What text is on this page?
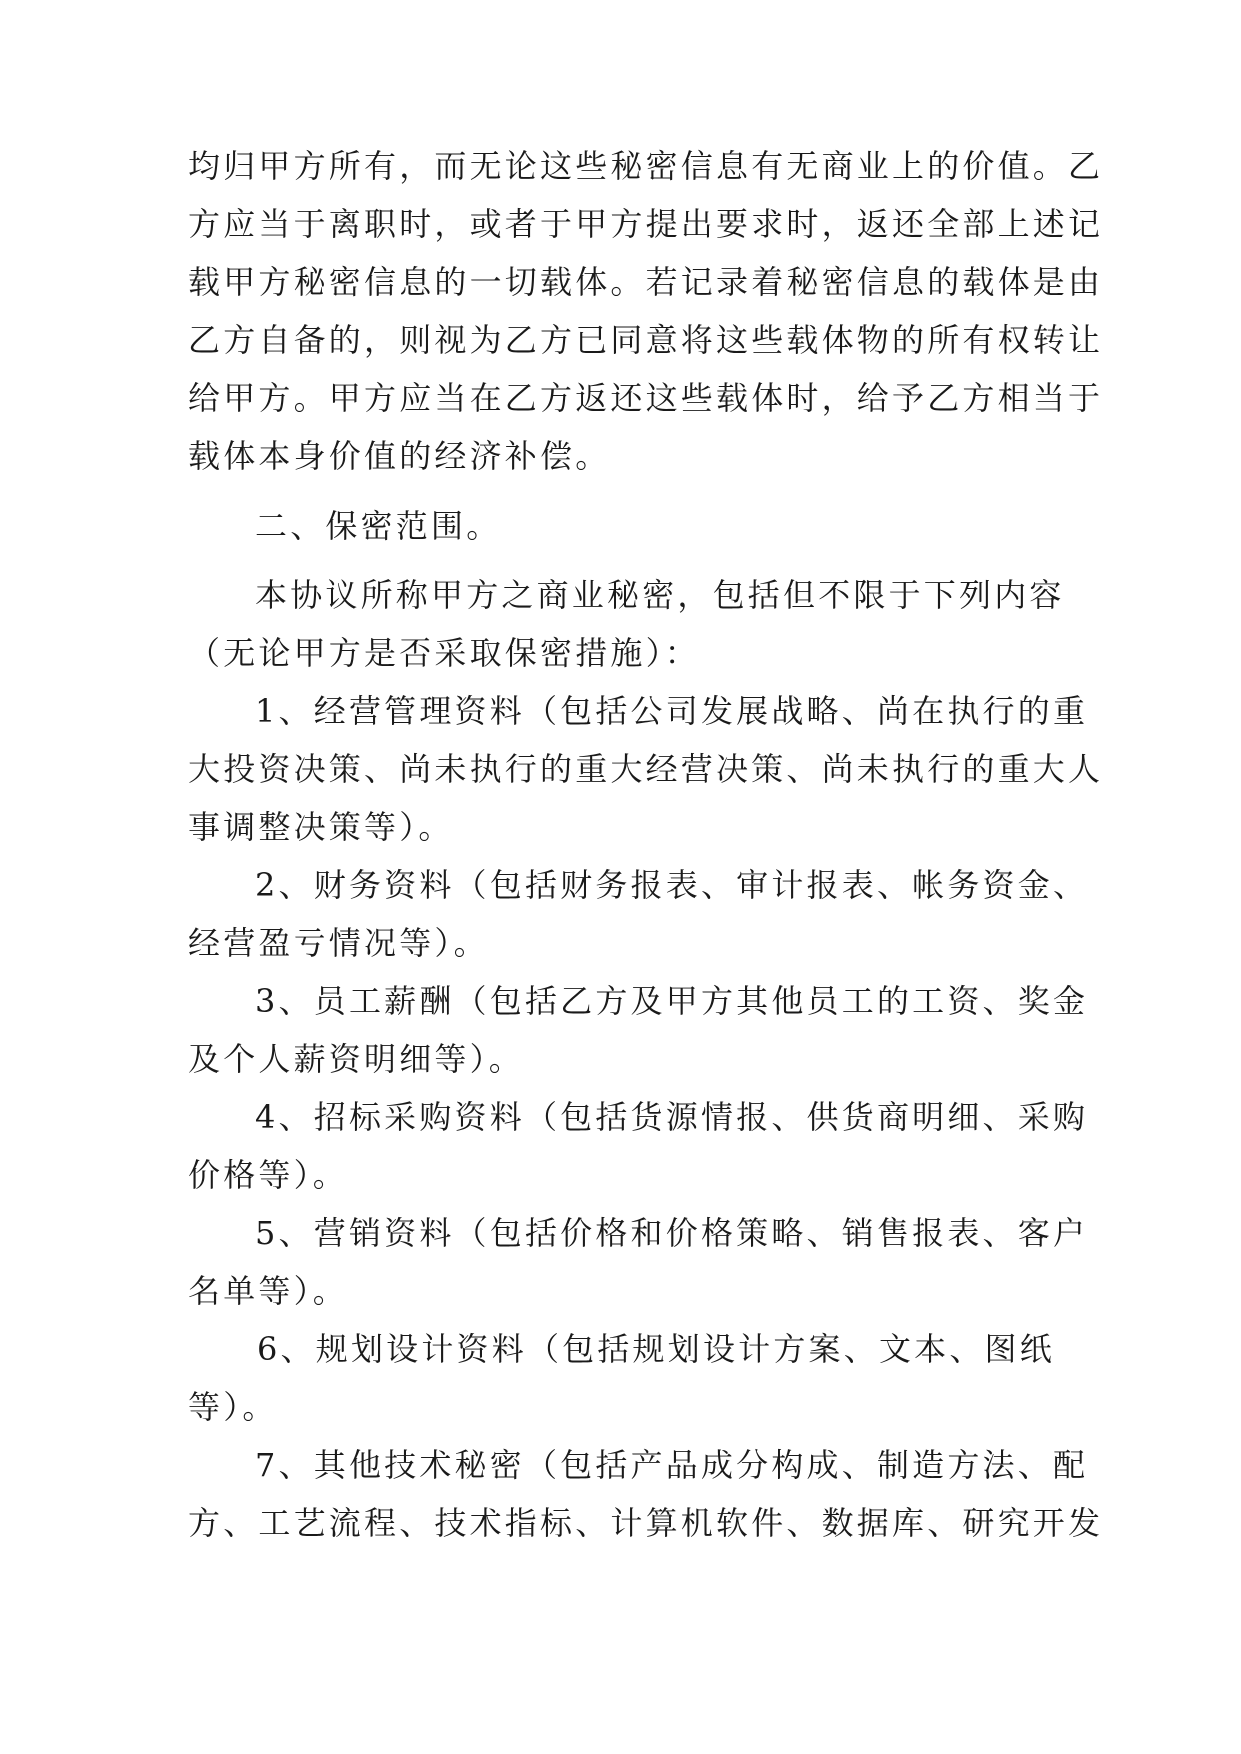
均归甲方所有，而无论这些秘密信息有无商业上的价值。乙

方应当于离职时，或者于甲方提出要求时，返还全部上述记

载甲方秘密信息的一切载体。若记录着秘密信息的载体是由

乙方自备的，则视为乙方已同意将这些载体物的所有权转让

给甲方。甲方应当在乙方返还这些载体时，给予乙方相当于

载体本身价值的经济补偿。

二、保密范围。

本协议所称甲方之商业秘密，包括但不限于下列内容

（无论甲方是否采取保密措施）：

1、经营管理资料（包括公司发展战略、尚在执行的重

大投资决策、尚未执行的重大经营决策、尚未执行的重大人

事调整决策等）。

2、财务资料（包括财务报表、审计报表、帐务资金、

经营盈亏情况等）。

3、员工薪酬（包括乙方及甲方其他员工的工资、奖金

及个人薪资明细等）。

4、招标采购资料（包括货源情报、供货商明细、采购

价格等）。

5、营销资料（包括价格和价格策略、销售报表、客户

名单等）。

6、规划设计资料（包括规划设计方案、文本、图纸

等）。

7、其他技术秘密（包括产品成分构成、制造方法、配

方、工艺流程、技术指标、计算机软件、数据库、研究开发
